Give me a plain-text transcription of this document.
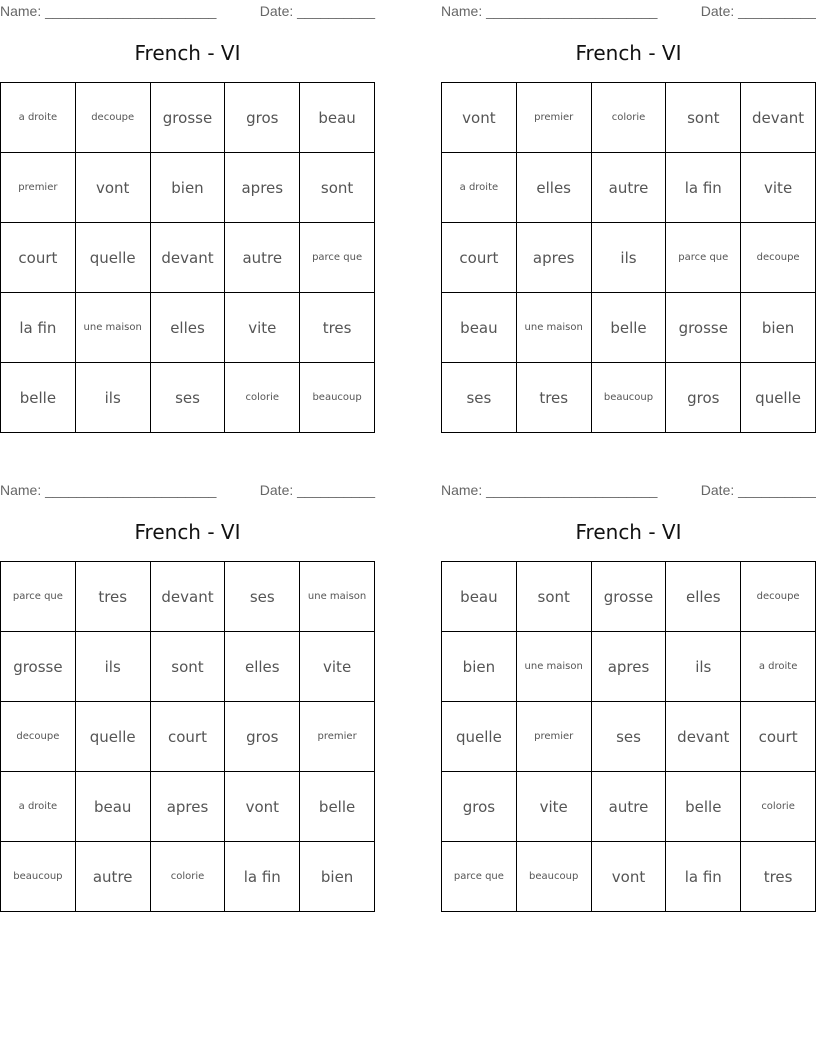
Name: ______________________	Date: __________
French - VI
a droite	decoupe	grosse	gros	beau
premier	vont	bien	apres	sont
court	quelle	devant	autre	parce que
la fin	une maison	elles	vite	tres
belle	ils	ses	colorie	beaucoup
Name: ______________________	Date: __________
French - VI
vont	premier	colorie	sont	devant
a droite	elles	autre	la fin	vite
court	apres	ils	parce que	decoupe
beau	une maison	belle	grosse	bien
ses	tres	beaucoup	gros	quelle
Name: ______________________	Date: __________
French - VI
parce que	tres	devant	ses	une maison
grosse	ils	sont	elles	vite
decoupe	quelle	court	gros	premier
a droite	beau	apres	vont	belle
beaucoup	autre	colorie	la fin	bien
Name: ______________________	Date: __________
French - VI
beau	sont	grosse	elles	decoupe
bien	une maison	apres	ils	a droite
quelle	premier	ses	devant	court
gros	vite	autre	belle	colorie
parce que	beaucoup	vont	la fin	tres
